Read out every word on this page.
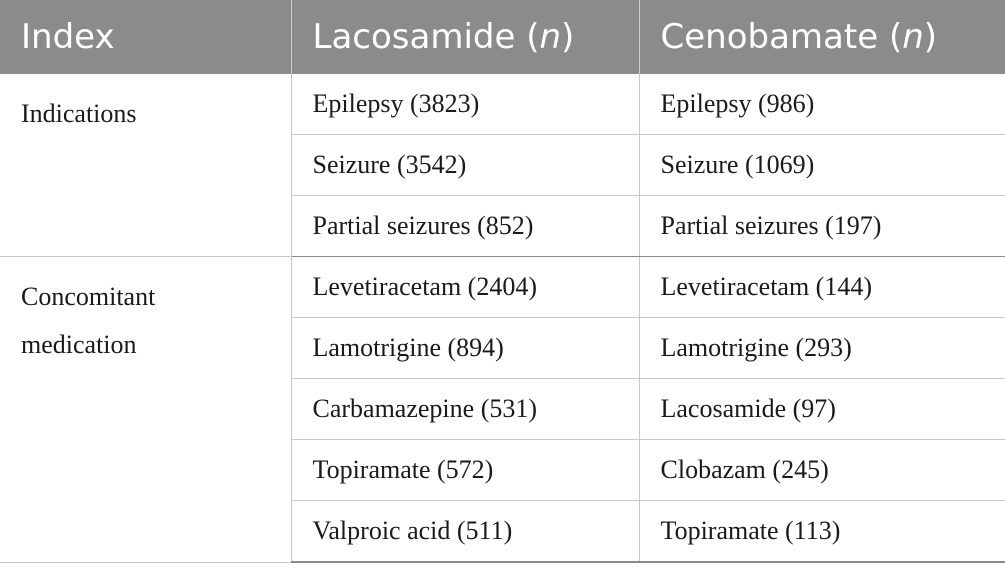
Index	Lacosamide (n)	Cenobamate (n)

Indications	Epilepsy (3823)	Epilepsy (986)
	Seizure (3542)	Seizure (1069)
	Partial seizures (852)	Partial seizures (197)

Concomitant
medication	Levetiracetam (2404)	Levetiracetam (144)
	Lamotrigine (894)	Lamotrigine (293)
	Carbamazepine (531)	Lacosamide (97)
	Topiramate (572)	Clobazam (245)
	Valproic acid (511)	Topiramate (113)
